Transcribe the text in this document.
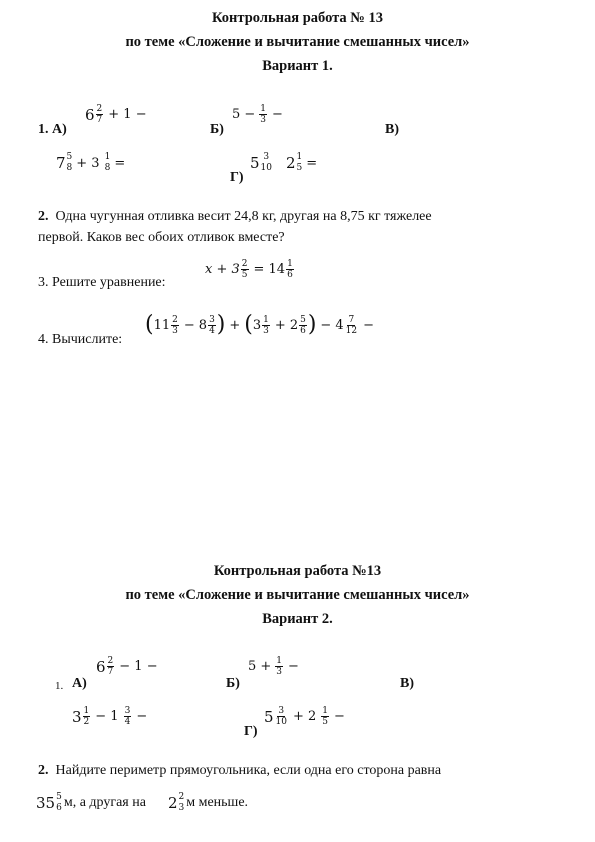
Контрольная работа № 13
по теме «Сложение и вычитание смешанных чисел»
Вариант 1.
1. А)
$6 \frac{2}{7} + 1$ −
Б)
$5 - \frac{1}{3}$ −
В)
7 5
8 + 3 1
8 =
Г)
5 3
10 2 1
5 =
2. Одна чугунная отливка весит 24,8 кг, другая на 8,75 кг тяжелее
первой. Каков вес обоих отливок вместе?
3. Решите уравнение:
$x + 3 \frac{2}{5} = 14 \frac{1}{6}$
4. Вычислите:
( $11 \frac{2}{3} - 8 \frac{3}{4}$ ) + ( $3 \frac{1}{3} + 2 \frac{5}{6}$ ) − $4 \frac{7}{12}$ −
Контрольная работа №13
по теме «Сложение и вычитание смешанных чисел»
Вариант 2.
1. А)
$6 \frac{2}{7} - 1$ −
Б)
$5 + \frac{1}{3}$ −
В)
$3 \frac{1}{2} - 1 \frac{3}{4}$ −
Г)
$5 \frac{3}{10} + 2 \frac{1}{5}$ −
2. Найдите периметр прямоугольника, если одна его сторона равна
35 5
6 м, а другая на 2 2
3 м меньше.
